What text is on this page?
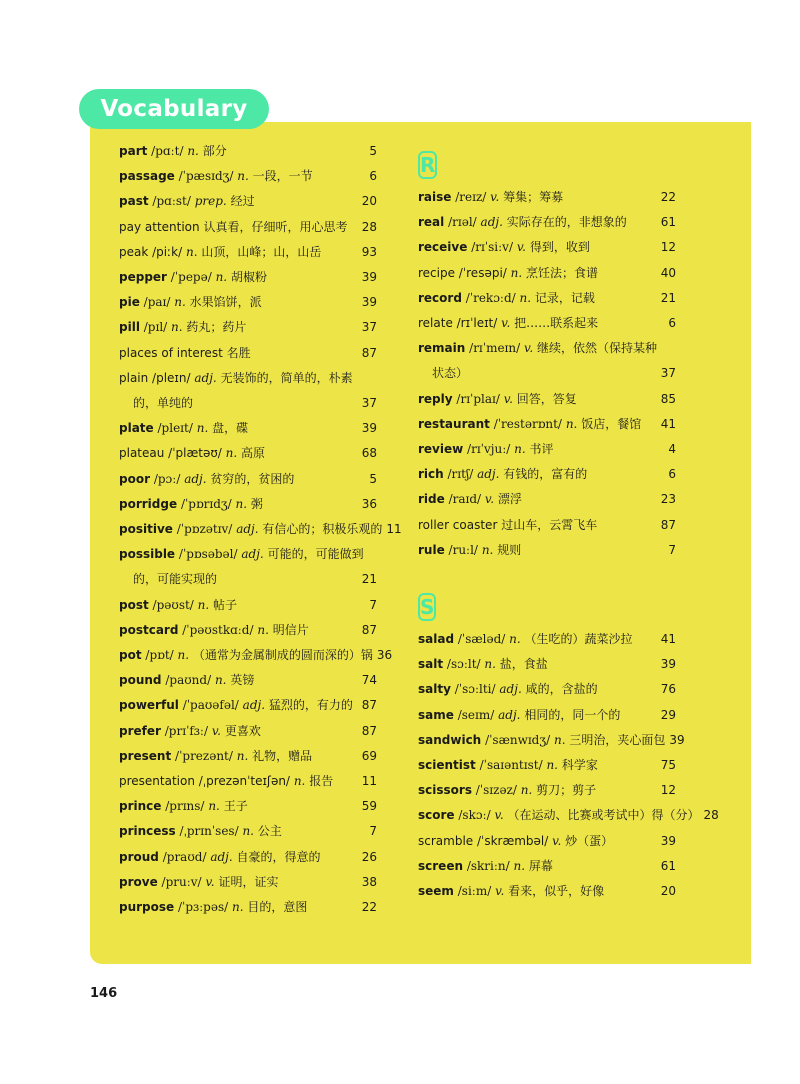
Vocabulary
part /pɑːt/ n. 部分	5
passage /ˈpæsɪdʒ/ n. 一段，一节	6
past /pɑːst/ prep. 经过	20
pay attention 认真看，仔细听，用心思考 28
peak /piːk/ n. 山顶，山峰；山，山岳	93
pepper /ˈpepə/ n. 胡椒粉	39
pie /paɪ/ n. 水果馅饼，派	39
pill /pɪl/ n. 药丸；药片	37
places of interest 名胜	87
plain /pleɪn/ adj. 无装饰的，简单的，朴素
的，单纯的	37
plate /pleɪt/ n. 盘，碟	39
plateau /ˈplætəʊ/ n. 高原	68
poor /pɔː/ adj. 贫穷的，贫困的	5
porridge /ˈpɒrɪdʒ/ n. 粥	36
positive /ˈpɒzətɪv/ adj. 有信心的；积极乐观的 11
possible /ˈpɒsəbəl/ adj. 可能的，可能做到
的，可能实现的	21
post /pəʊst/ n. 帖子	7
postcard /ˈpəʊstkɑːd/ n. 明信片	87
pot /pɒt/ n. （通常为金属制成的圆而深的）锅 36
pound /paʊnd/ n. 英镑	74
powerful /ˈpaʊəfəl/ adj. 猛烈的，有力的 87
prefer /prɪˈfɜː/ v. 更喜欢	87
present /ˈprezənt/ n. 礼物，赠品	69
presentation /ˌprezənˈteɪʃən/ n. 报告 11
prince /prɪns/ n. 王子	59
princess /ˌprɪnˈses/ n. 公主	7
proud /praʊd/ adj. 自豪的，得意的	26
prove /pruːv/ v. 证明，证实	38
purpose /ˈpɜːpəs/ n. 目的，意图	22
R
raise /reɪz/ v. 筹集；筹募	22
real /rɪəl/ adj. 实际存在的，非想象的	61
receive /rɪˈsiːv/ v. 得到，收到	12
recipe /ˈresəpi/ n. 烹饪法；食谱	40
record /ˈrekɔːd/ n. 记录，记载	21
relate /rɪˈleɪt/ v. 把……联系起来	6
remain /rɪˈmeɪn/ v. 继续，依然（保持某种
状态）	37
reply /rɪˈplaɪ/ v. 回答，答复	85
restaurant /ˈrestərɒnt/ n. 饭店，餐馆 41
review /rɪˈvjuː/ n. 书评	4
rich /rɪtʃ/ adj. 有钱的，富有的	6
ride /raɪd/ v. 漂浮	23
roller coaster 过山车，云霄飞车	87
rule /ruːl/ n. 规则	7
S
salad /ˈsæləd/ n. （生吃的）蔬菜沙拉 41
salt /sɔːlt/ n. 盐，食盐	39
salty /ˈsɔːlti/ adj. 咸的，含盐的	76
same /seɪm/ adj. 相同的，同一个的	29
sandwich /ˈsænwɪdʒ/ n. 三明治，夹心面包 39
scientist /ˈsaɪəntɪst/ n. 科学家	75
scissors /ˈsɪzəz/ n. 剪刀；剪子	12
score /skɔː/ v. （在运动、比赛或考试中）得（分） 28
scramble /ˈskræmbəl/ v. 炒（蛋）	39
screen /skriːn/ n. 屏幕	61
seem /siːm/ v. 看来，似乎，好像	20
146
